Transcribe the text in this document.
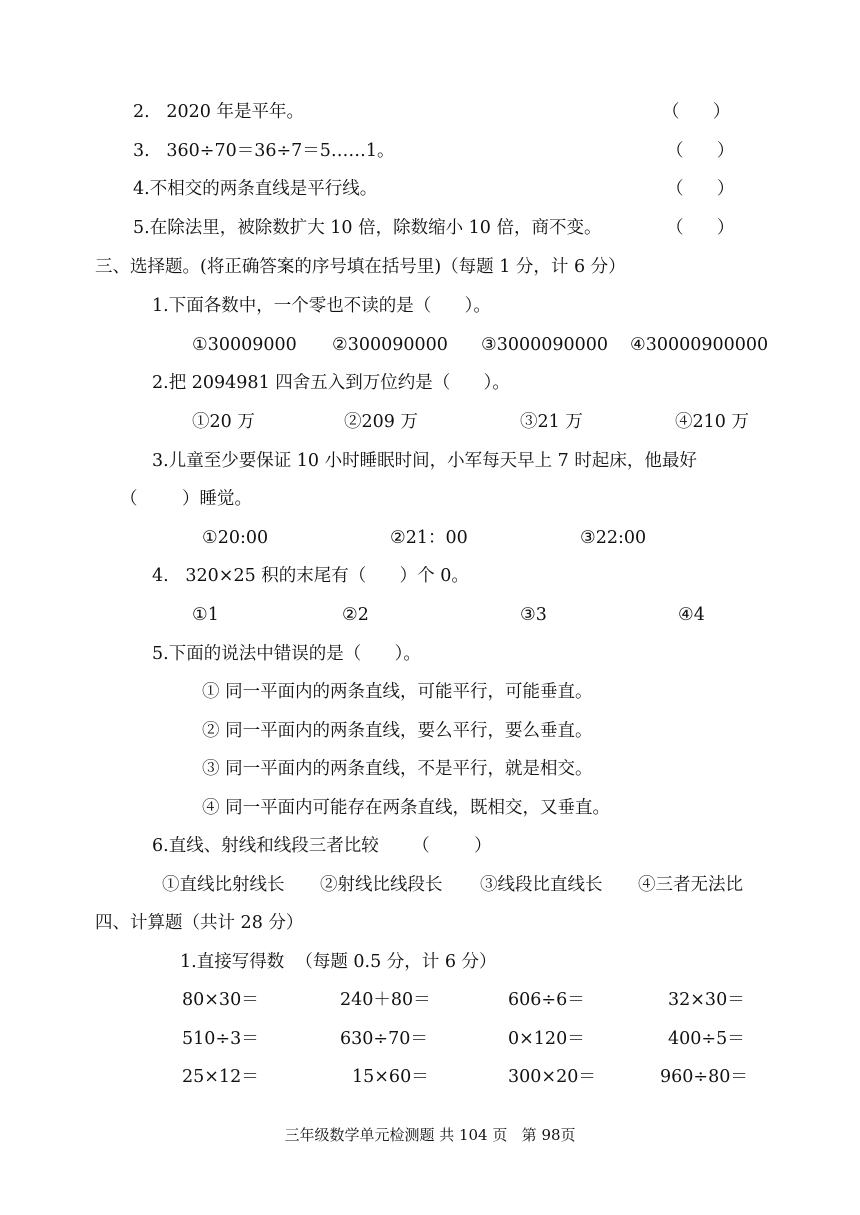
2.   2020 年是平年。	（      ）
3.   360÷70＝36÷7＝5……1。	（      ）
4.不相交的两条直线是平行线。	（      ）
5.在除法里，被除数扩大 10 倍，除数缩小 10 倍，商不变。	（      ）
三、选择题。(将正确答案的序号填在括号里)（每题 1 分，计 6 分）
1.下面各数中，一个零也不读的是（      ）。
①30009000 ②300090000 ③3000090000 ④30000900000
2.把 2094981 四舍五入到万位约是（      ）。
①20 万	②209 万	③21 万	④210 万
3.儿童至少要保证 10 小时睡眠时间，小军每天早上 7 时起床，他最好
（        ）睡觉。
①20:00	②21：00	③22:00
4.   320×25 积的末尾有（      ）个 0。
①1	②2	③3	④4
5.下面的说法中错误的是（      ）。
① 同一平面内的两条直线，可能平行，可能垂直。
② 同一平面内的两条直线，要么平行，要么垂直。
③ 同一平面内的两条直线，不是平行，就是相交。
④ 同一平面内可能存在两条直线，既相交，又垂直。
6.直线、射线和线段三者比较      （        ）
①直线比射线长 ②射线比线段长 ③线段比直线长 ④三者无法比
四、计算题（共计 28 分）
1.直接写得数  （每题 0.5 分，计 6 分）
80×30＝	240＋80＝	606÷6＝	32×30＝
510÷3＝	630÷70＝	0×120＝	400÷5＝
25×12＝	15×60＝	300×20＝	960÷80＝
三年级数学单元检测题 共 104 页   第 98页
